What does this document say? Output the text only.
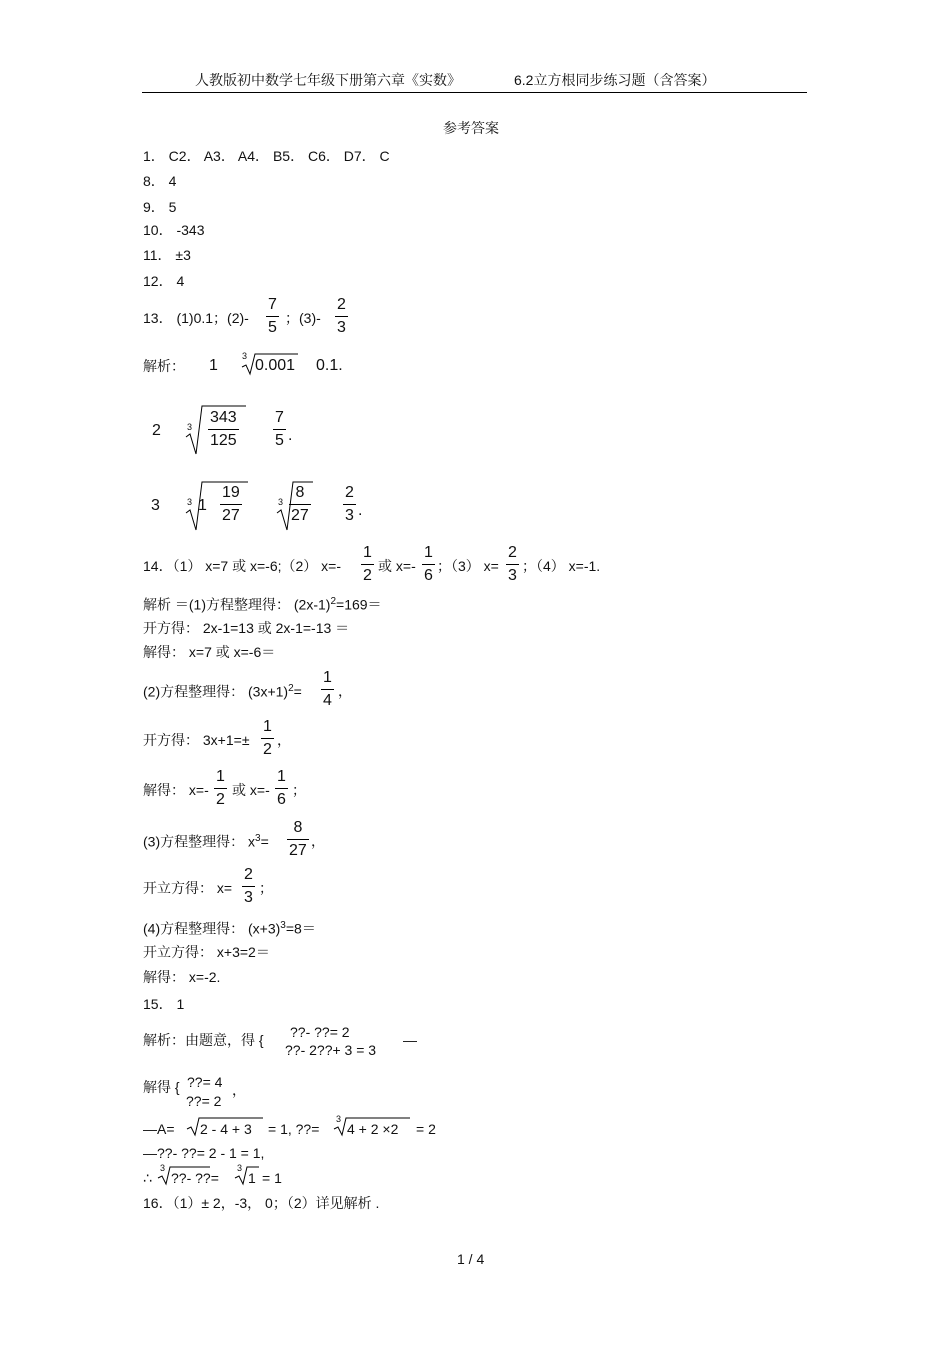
人教版初中数学七年级下册第六章《实数》	6.2立方根同步练习题（含答案）
参考答案
1． C2． A3． A4． B5． C6． D7． C
8． 4
9． 5
10． -343
11． ±3
12． 4
13． (1)0.1；(2)-
7
5
；(3)-
2
3
解析： 1
3
0.001 0.1.
2	3
343
125
7
5 .
3	3 1
19
27
3
8
27
2
3 .
14．（1） x=7 或 x=-6;（2） x=-
1
2
或 x=-
1
6
；（3） x=
2
3
；（4） x=-1.
解析 ＝(1)方程整理得： $(2x-1)^2=169=$
开方得： 2x-1=13 或 2x-1=-13 ＝
解得： x=7 或 x=-6＝
(2)方程整理得： $(3x+1)^2=$
1
4
，
开方得： 3x+1=±
1
2
，
解得： x=-
1
2
或 x=-
1
6
；
(3)方程整理得： $x^3=$
8
27
，
开立方得： x=
2
3
；
(4)方程整理得： $(x+3)^3=8=$
开立方得： x+3=2＝
解得： x=-2.
15． 1
解析：由题意，得 { ??- ??= 2
??- 2??+ 3 = 3
—
解得 { ??= 4
??= 2
，
—A= 2 - 4 + 3 = 1, ??=
3
4 + 2 ×2 = 2
—??- ??= 2 - 1 = 1,
∴
3
??- ??=
3
1 = 1
16．（1）± 2，-3， 0；（2）详见解析 .
1 / 4
